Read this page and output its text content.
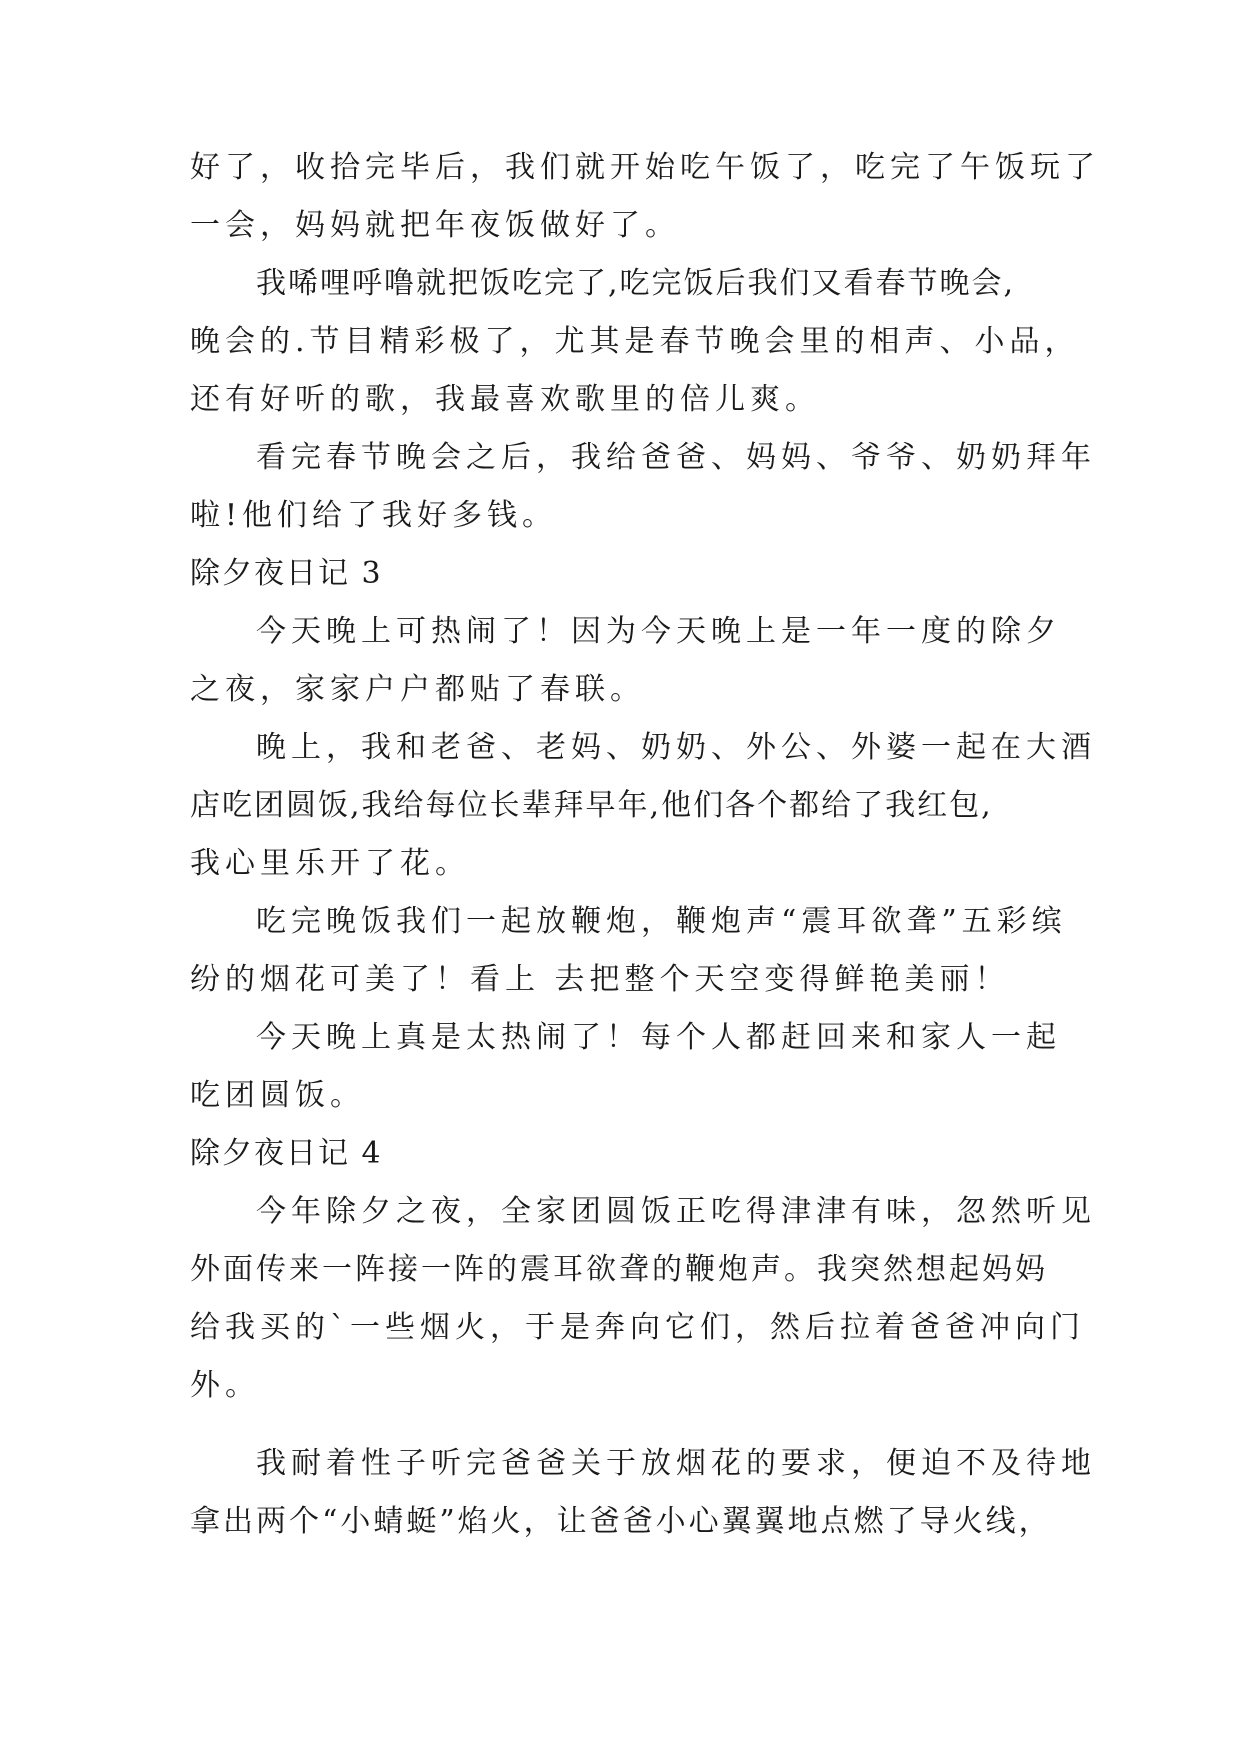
好了，收拾完毕后，我们就开始吃午饭了，吃完了午饭玩了
一会，妈妈就把年夜饭做好了。
我唏哩呼噜就把饭吃完了,吃完饭后我们又看春节晚会,
晚会的.节目精彩极了，尤其是春节晚会里的相声、小品，
还有好听的歌，我最喜欢歌里的倍儿爽。
看完春节晚会之后，我给爸爸、妈妈、爷爷、奶奶拜年
啦!他们给了我好多钱。
除夕夜日记 3
今天晚上可热闹了！因为今天晚上是一年一度的除夕
之夜，家家户户都贴了春联。
晚上，我和老爸、老妈、奶奶、外公、外婆一起在大酒
店吃团圆饭,我给每位长辈拜早年,他们各个都给了我红包,
我心里乐开了花。
吃完晚饭我们一起放鞭炮，鞭炮声“震耳欲聋”五彩缤
纷的烟花可美了！看上 去把整个天空变得鲜艳美丽！
今天晚上真是太热闹了！每个人都赶回来和家人一起
吃团圆饭。
除夕夜日记 4
今年除夕之夜，全家团圆饭正吃得津津有味，忽然听见
外面传来一阵接一阵的震耳欲聋的鞭炮声。我突然想起妈妈
给我买的`一些烟火，于是奔向它们，然后拉着爸爸冲向门
外。
我耐着性子听完爸爸关于放烟花的要求，便迫不及待地
拿出两个“小蜻蜓”焰火，让爸爸小心翼翼地点燃了导火线，
